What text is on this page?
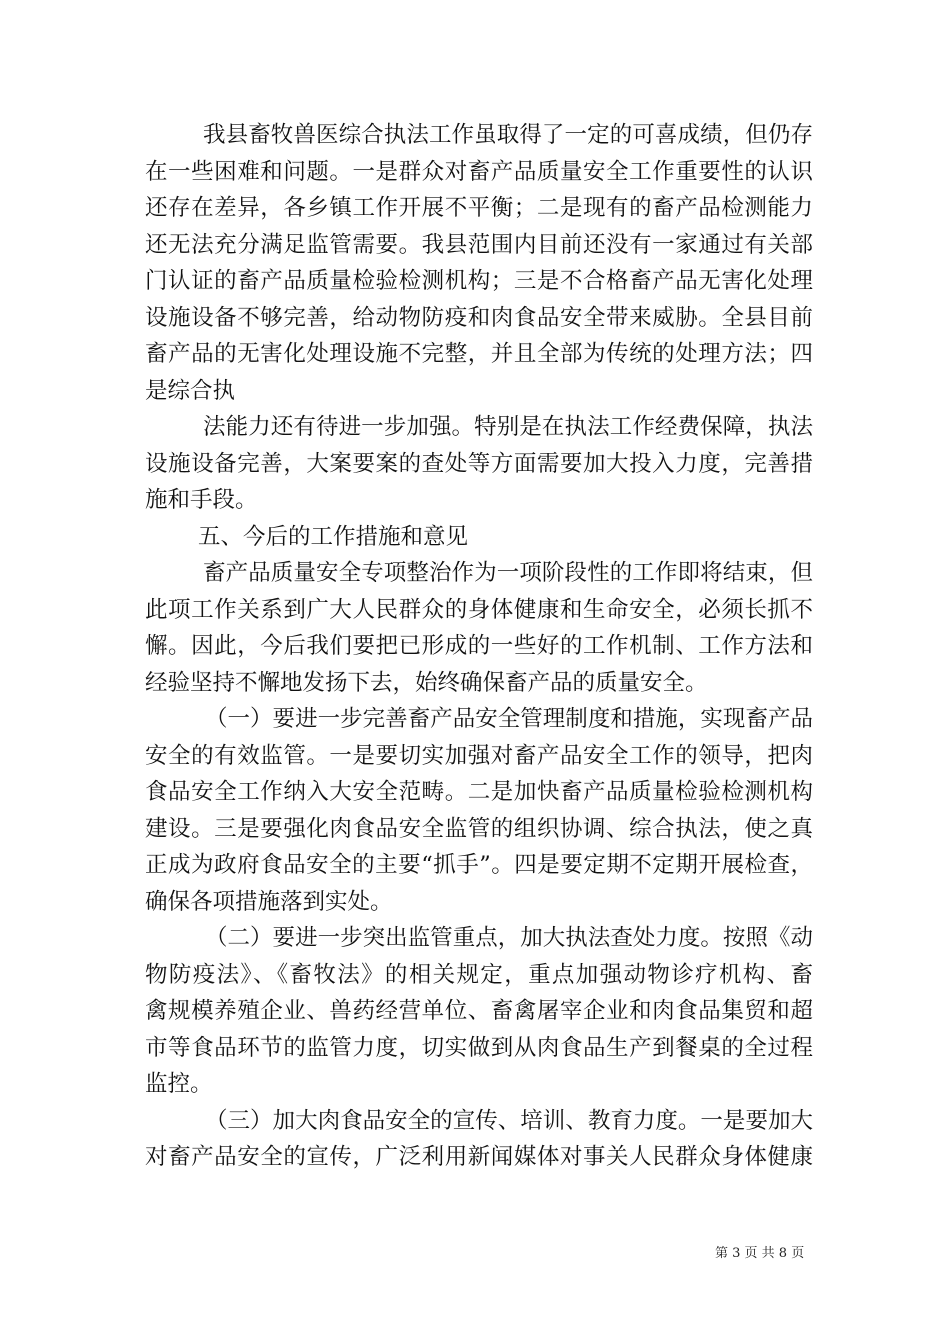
我县畜牧兽医综合执法工作虽取得了一定的可喜成绩，但仍存
在一些困难和问题。一是群众对畜产品质量安全工作重要性的认识
还存在差异，各乡镇工作开展不平衡；二是现有的畜产品检测能力
还无法充分满足监管需要。我县范围内目前还没有一家通过有关部
门认证的畜产品质量检验检测机构；三是不合格畜产品无害化处理
设施设备不够完善，给动物防疫和肉食品安全带来威胁。全县目前
畜产品的无害化处理设施不完整，并且全部为传统的处理方法；四
是综合执
法能力还有待进一步加强。特别是在执法工作经费保障，执法
设施设备完善，大案要案的查处等方面需要加大投入力度，完善措
施和手段。
五、今后的工作措施和意见
畜产品质量安全专项整治作为一项阶段性的工作即将结束，但
此项工作关系到广大人民群众的身体健康和生命安全，必须长抓不
懈。因此，今后我们要把已形成的一些好的工作机制、工作方法和
经验坚持不懈地发扬下去，始终确保畜产品的质量安全。
（一）要进一步完善畜产品安全管理制度和措施，实现畜产品
安全的有效监管。一是要切实加强对畜产品安全工作的领导，把肉
食品安全工作纳入大安全范畴。二是加快畜产品质量检验检测机构
建设。三是要强化肉食品安全监管的组织协调、综合执法，使之真
正成为政府食品安全的主要“抓手”。四是要定期不定期开展检查，
确保各项措施落到实处。
（二）要进一步突出监管重点，加大执法查处力度。按照《动
物防疫法》、《畜牧法》的相关规定，重点加强动物诊疗机构、畜
禽规模养殖企业、兽药经营单位、畜禽屠宰企业和肉食品集贸和超
市等食品环节的监管力度，切实做到从肉食品生产到餐桌的全过程
监控。
（三）加大肉食品安全的宣传、培训、教育力度。一是要加大
对畜产品安全的宣传，广泛利用新闻媒体对事关人民群众身体健康
第 3 页 共 8 页
